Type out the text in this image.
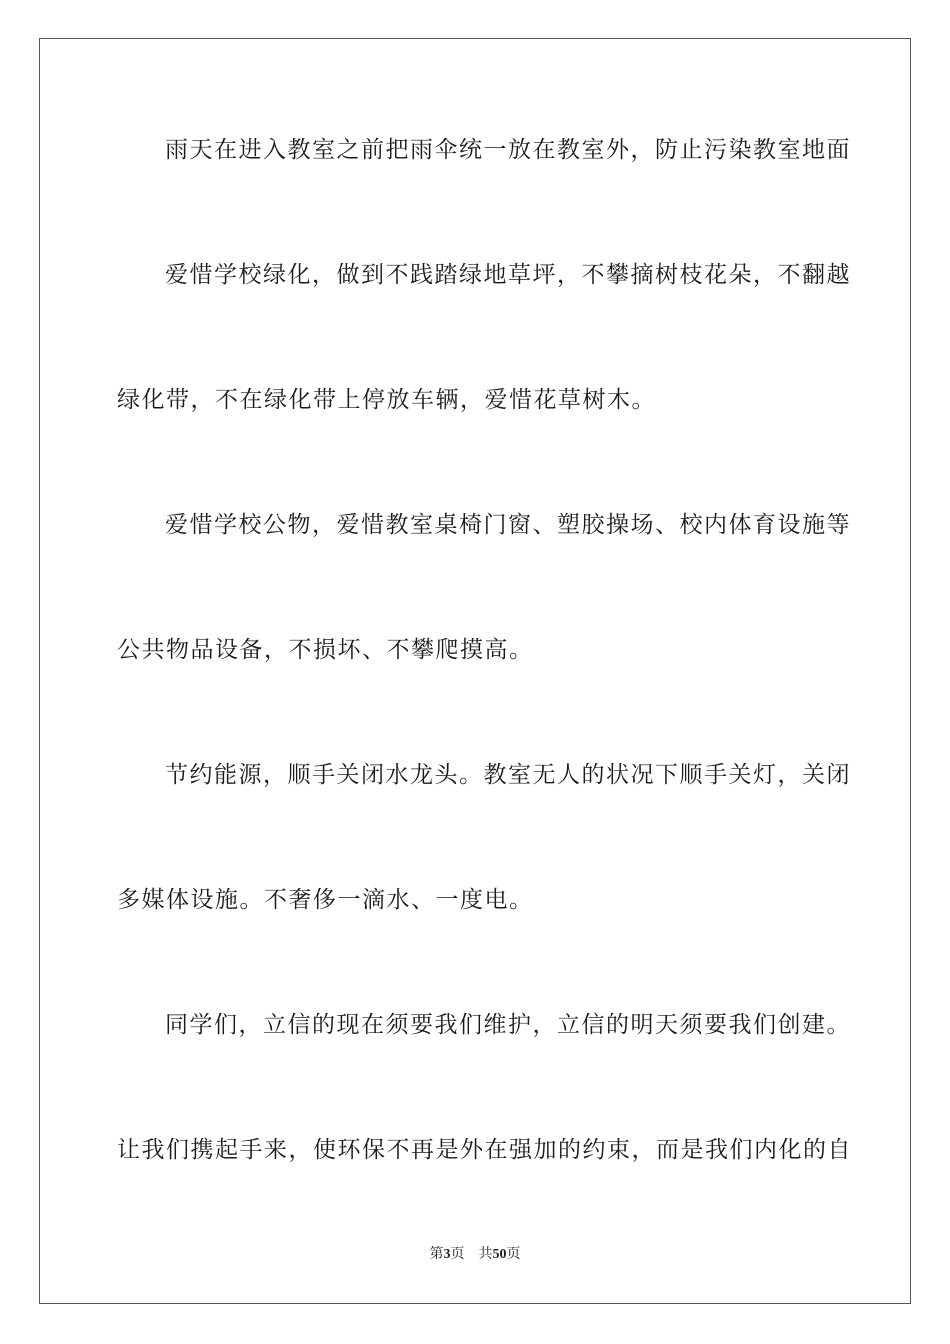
雨天在进入教室之前把雨伞统一放在教室外，防止污染教室地面
爱惜学校绿化，做到不践踏绿地草坪，不攀摘树枝花朵，不翻越
绿化带，不在绿化带上停放车辆，爱惜花草树木。
爱惜学校公物，爱惜教室桌椅门窗、塑胶操场、校内体育设施等
公共物品设备，不损坏、不攀爬摸高。
节约能源，顺手关闭水龙头。教室无人的状况下顺手关灯，关闭
多媒体设施。不奢侈一滴水、一度电。
同学们，立信的现在须要我们维护，立信的明天须要我们创建。
让我们携起手来，使环保不再是外在强加的约束，而是我们内化的自
第3页 共50页
